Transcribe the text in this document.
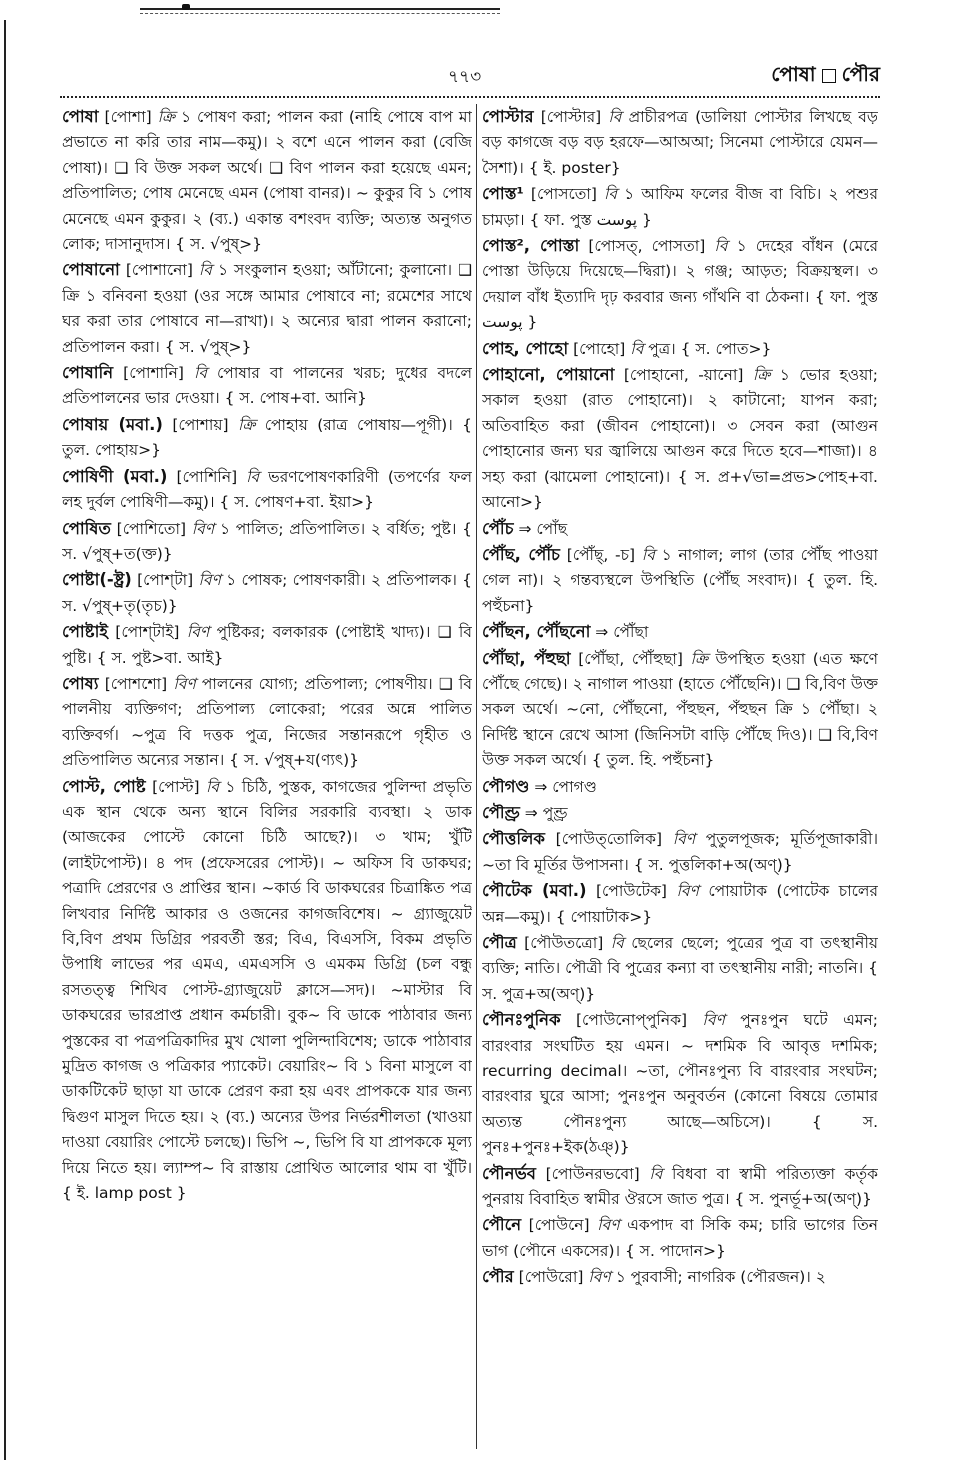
৭৭৩	পোষা পৌর

পোষা [পোশা] ক্রি ১ পোষণ করা; পালন করা (নাহি পোষে বাপ মা প্রভাতে না করি তার নাম—কমু)। ২ বশে এনে পালন করা (বেজি পোষা)। ❑ বি উক্ত সকল অর্থে। ❑ বিণ পালন করা হয়েছে এমন; প্রতিপালিত; পোষ মেনেছে এমন (পোষা বানর)। ~ কুকুর বি ১ পোষ মেনেছে এমন কুকুর। ২ (ব্য.) একান্ত বশংবদ ব্যক্তি; অত্যন্ত অনুগত লোক; দাসানুদাস। { স. √পুষ্>}

পোষানো [পোশানো] বি ১ সংকুলান হওয়া; আঁটানো; কুলানো। ❑ ক্রি ১ বনিবনা হওয়া (ওর সঙ্গে আমার পোষাবে না; রমেশের সাথে ঘর করা তার পোষাবে না—রাখা)। ২ অন্যের দ্বারা পালন করানো; প্রতিপালন করা। { স. √পুষ্>}

পোষানি [পোশানি] বি পোষার বা পালনের খরচ; দুধের বদলে প্রতিপালনের ভার দেওয়া। { স. পোষ+বা. আনি}

পোষায় (মবা.) [পোশায়] ক্রি পোহায় (রাত্র পোষায়—পূগী)। { তুল. পোহায়>}

পোষিণী (মবা.) [পোশিনি] বি ভরণপোষণকারিণী (তপর্ণের ফল লহ দুর্বল পোষিণী—কমু)। { স. পোষণ+বা. ইয়া>}

পোষিত [পোশিতো] বিণ ১ পালিত; প্রতিপালিত। ২ বর্ধিত; পুষ্ট। { স. √পুষ্+ত(ক্ত)}

পোষ্টা(-ষ্ট্র) [পোশ্টা] বিণ ১ পোষক; পোষণকারী। ২ প্রতিপালক। { স. √পুষ্+তৃ(তৃচ)}

পোষ্টাই [পোশ্টাই] বিণ পুষ্টিকর; বলকারক (পোষ্টাই খাদ্য)। ❑ বি পুষ্টি। { স. পুষ্ট>বা. আই}

পোষ্য [পোশশো] বিণ পালনের যোগ্য; প্রতিপাল্য; পোষণীয়। ❑ বি পালনীয় ব্যক্তিগণ; প্রতিপাল্য লোকেরা; পরের অন্নে পালিত ব্যক্তিবর্গ। ~পুত্র বি দত্তক পুত্র, নিজের সন্তানরূপে গৃহীত ও প্রতিপালিত অন্যের সন্তান। { স. √পুষ্+য(ণ্যৎ)}

পোস্ট, পোষ্ট [পোস্ট] বি ১ চিঠি, পুস্তক, কাগজের পুলিন্দা প্রভৃতি এক স্থান থেকে অন্য স্থানে বিলির সরকারি ব্যবস্থা। ২ ডাক (আজকের পোস্টে কোনো চিঠি আছে?)। ৩ খাম; খুঁটি (লাইটপোস্ট)। ৪ পদ (প্রফেসরের পোস্ট)। ~ অফিস বি ডাকঘর; পত্রাদি প্রেরণের ও প্রাপ্তির স্থান। ~কার্ড বি ডাকঘরের চিত্রাঙ্কিত পত্র লিখবার নির্দিষ্ট আকার ও ওজনের কাগজবিশেষ। ~ গ্র্যাজুয়েট বি,বিণ প্রথম ডিগ্রির পরবর্তী স্তর; বিএ, বিএসসি, বিকম প্রভৃতি উপাধি লাভের পর এমএ, এমএসসি ও এমকম ডিগ্রি (চল বন্ধু রসতত্ত্ব শিখিব পোস্ট-গ্র্যাজুয়েট ক্লাসে—সদ)। ~মাস্টার বি ডাকঘরের ভারপ্রাপ্ত প্রধান কর্মচারী। বুক~ বি ডাকে পাঠাবার জন্য পুস্তকের বা পত্রপত্রিকাদির মুখ খোলা পুলিন্দাবিশেষ; ডাকে পাঠাবার মুদ্রিত কাগজ ও পত্রিকার প্যাকেট। বেয়ারিং~ বি ১ বিনা মাসুলে বা ডাকটিকেট ছাড়া যা ডাকে প্রেরণ করা হয় এবং প্রাপককে যার জন্য দ্বিগুণ মাসুল দিতে হয়। ২ (ব্য.) অন্যের উপর নির্ভরশীলতা (খাওয়া দাওয়া বেয়ারিং পোস্টে চলছে)। ভিপি ~, ভিপি বি যা প্রাপককে মূল্য দিয়ে নিতে হয়। ল্যাম্প~ বি রাস্তায় প্রোথিত আলোর থাম বা খুঁটি। { ই. lamp post }

পোস্টার [পোস্টার] বি প্রাচীরপত্র (ডালিয়া পোস্টার লিখছে বড় বড় কাগজে বড় বড় হরফে—আঅআ; সিনেমা পোস্টারে যেমন—সৈশা)। { ই. poster}

পোস্ত¹ [পোসতো] বি ১ আফিম ফলের বীজ বা বিচি। ২ পশুর চামড়া। { ফা. পুস্ত پوست }

পোস্ত², পোস্তা [পোসত্, পোসতা] বি ১ দেহের বাঁধন (মেরে পোস্তা উড়িয়ে দিয়েছে—দ্বিরা)। ২ গঞ্জ; আড়ত; বিক্রয়স্থল। ৩ দেয়াল বাঁধ ইত্যাদি দৃঢ় করবার জন্য গাঁথনি বা ঠেকনা। { ফা. পুস্ত پوست }

পোহ, পোহো [পোহো] বি পুত্র। { স. পোত>}

পোহানো, পোয়ানো [পোহানো, -য়ানো] ক্রি ১ ভোর হওয়া; সকাল হওয়া (রাত পোহানো)। ২ কাটানো; যাপন করা; অতিবাহিত করা (জীবন পোহানো)। ৩ সেবন করা (আগুন পোহানোর জন্য ঘর জ্বালিয়ে আগুন করে দিতে হবে—শাজা)। ৪ সহ্য করা (ঝামেলা পোহানো)। { স. প্র+√ভা=প্রভ>পোহ+বা. আনো>}

পৌঁচ ⇒ পোঁছ

পৌঁছ, পৌঁচ [পৌঁছ্, -চ] বি ১ নাগাল; লাগ (তার পৌঁছ পাওয়া গেল না)। ২ গন্তব্যস্থলে উপস্থিতি (পৌঁছ সংবাদ)। { তুল. হি. পহুঁচনা}

পৌঁছন, পৌঁছনো ⇒ পৌঁছা

পৌঁছা, পঁহুছা [পৌঁছা, পৌঁহুছা] ক্রি উপস্থিত হওয়া (এত ক্ষণে পৌঁছে গেছে)। ২ নাগাল পাওয়া (হাতে পৌঁছেনি)। ❑ বি,বিণ উক্ত সকল অর্থে। ~নো, পৌঁছনো, পঁহুছন, পঁহুছন ক্রি ১ পৌঁছা। ২ নির্দিষ্ট স্থানে রেখে আসা (জিনিসটা বাড়ি পৌঁছে দিও)। ❑ বি,বিণ উক্ত সকল অর্থে। { তুল. হি. পহুঁচনা}

পৌগণ্ড ⇒ পোগণ্ড

পৌণ্ড্র ⇒ পুণ্ড্র

পৌত্তলিক [পোউত্‌তোলিক] বিণ পুতুলপূজক; মূর্তিপূজাকারী। ~তা বি মূর্তির উপাসনা। { স. পুত্তলিকা+অ(অণ্)}

পৌটেক (মবা.) [পোউটেক] বিণ পোয়াটাক (পোটেক চালের অন্ন—কমু)। { পোয়াটাক>}

পৌত্র [পৌউতত্রো] বি ছেলের ছেলে; পুত্রের পুত্র বা তৎস্থানীয় ব্যক্তি; নাতি। পৌত্রী বি পুত্রের কন্যা বা তৎস্থানীয় নারী; নাতনি। { স. পুত্র+অ(অণ্)}

পৌনঃপুনিক [পোউনোপ্‌পুনিক] বিণ পুনঃপুন ঘটে এমন; বারংবার সংঘটিত হয় এমন। ~ দশমিক বি আবৃত্ত দশমিক; recurring decimal। ~তা, পৌনঃপুন্য বি বারংবার সংঘটন; বারংবার ঘুরে আসা; পুনঃপুন অনুবর্তন (কোনো বিষয়ে তোমার অত্যন্ত পৌনঃপুন্য আছে—অচিসে)। { স. পুনঃ+পুনঃ+ইক(ঠঞ্)}

পৌনর্ভব [পোউনরভবো] বি বিধবা বা স্বামী পরিত্যক্তা কর্তৃক পুনরায় বিবাহিত স্বামীর ঔরসে জাত পুত্র। { স. পুনর্ভূ+অ(অণ্)}

পৌনে [পোউনে] বিণ একপাদ বা সিকি কম; চারি ভাগের তিন ভাগ (পৌনে একসের)। { স. পাদোন>}

পৌর [পোউরো] বিণ ১ পুরবাসী; নাগরিক (পৌরজন)। ২
